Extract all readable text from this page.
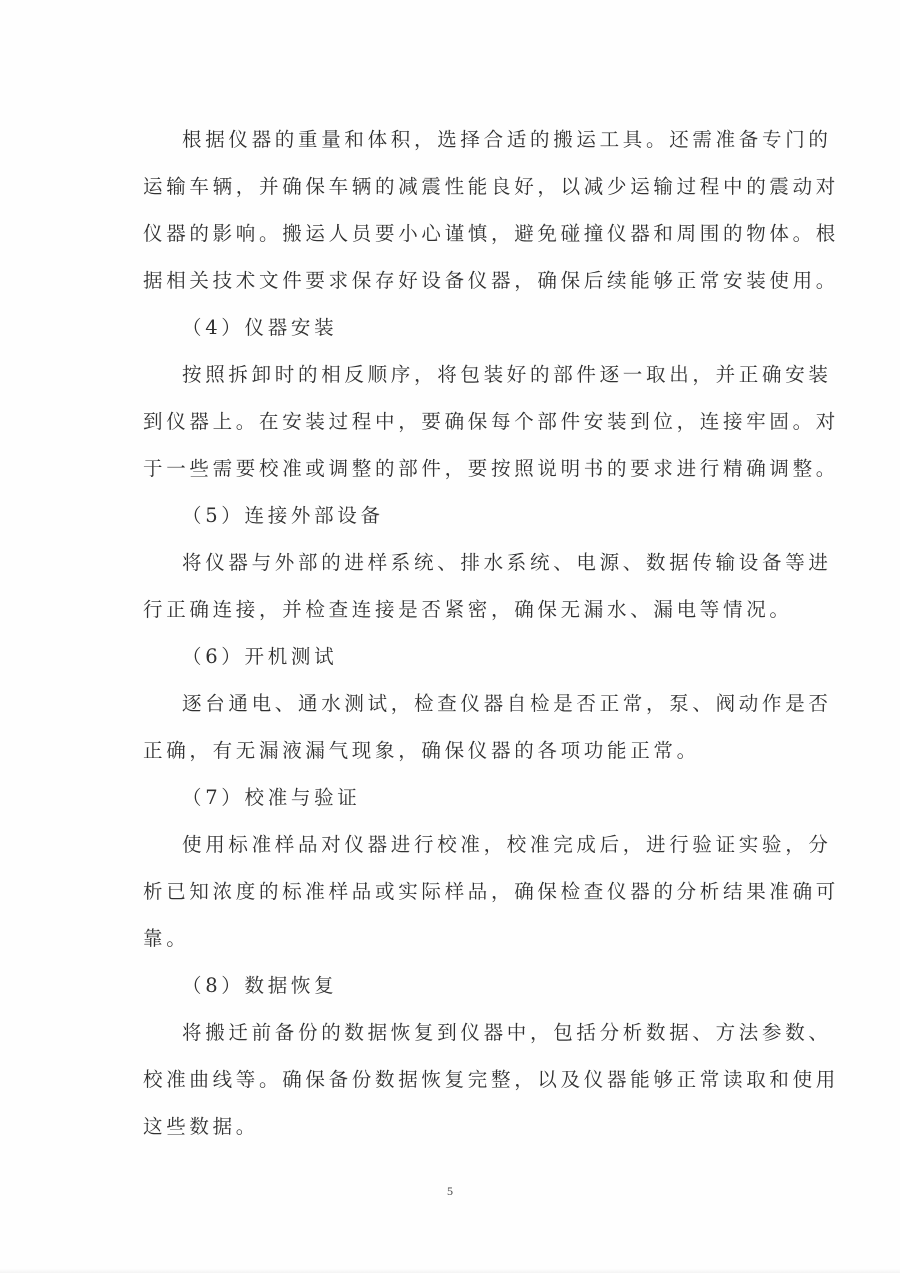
根据仪器的重量和体积，选择合适的搬运工具。还需准备专门的
运输车辆，并确保车辆的减震性能良好，以减少运输过程中的震动对
仪器的影响。搬运人员要小心谨慎，避免碰撞仪器和周围的物体。根
据相关技术文件要求保存好设备仪器，确保后续能够正常安装使用。
（4）仪器安装
按照拆卸时的相反顺序，将包装好的部件逐一取出，并正确安装
到仪器上。在安装过程中，要确保每个部件安装到位，连接牢固。对
于一些需要校准或调整的部件，要按照说明书的要求进行精确调整。
（5）连接外部设备
将仪器与外部的进样系统、排水系统、电源、数据传输设备等进
行正确连接，并检查连接是否紧密，确保无漏水、漏电等情况。
（6）开机测试
逐台通电、通水测试，检查仪器自检是否正常，泵、阀动作是否
正确，有无漏液漏气现象，确保仪器的各项功能正常。
（7）校准与验证
使用标准样品对仪器进行校准，校准完成后，进行验证实验，分
析已知浓度的标准样品或实际样品，确保检查仪器的分析结果准确可
靠。
（8）数据恢复
将搬迁前备份的数据恢复到仪器中，包括分析数据、方法参数、
校准曲线等。确保备份数据恢复完整，以及仪器能够正常读取和使用
这些数据。
5
